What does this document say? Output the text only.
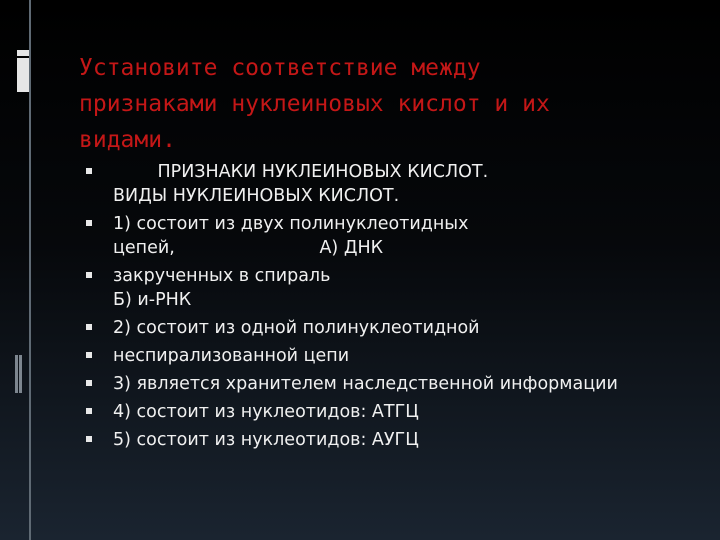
Установите соответствие между
признаками нуклеиновых кислот и их
видами.
ПРИЗНАКИ НУКЛЕИНОВЫХ КИСЛОТ.
ВИДЫ НУКЛЕИНОВЫХ КИСЛОТ.
1) состоит из двух полинуклеотидных
цепей,                          А) ДНК
закрученных в спираль
Б) и-РНК
2) состоит из одной полинуклеотидной
неспирализованной цепи
3) является хранителем наследственной информации
4) состоит из нуклеотидов: АТГЦ
5) состоит из нуклеотидов: АУГЦ
